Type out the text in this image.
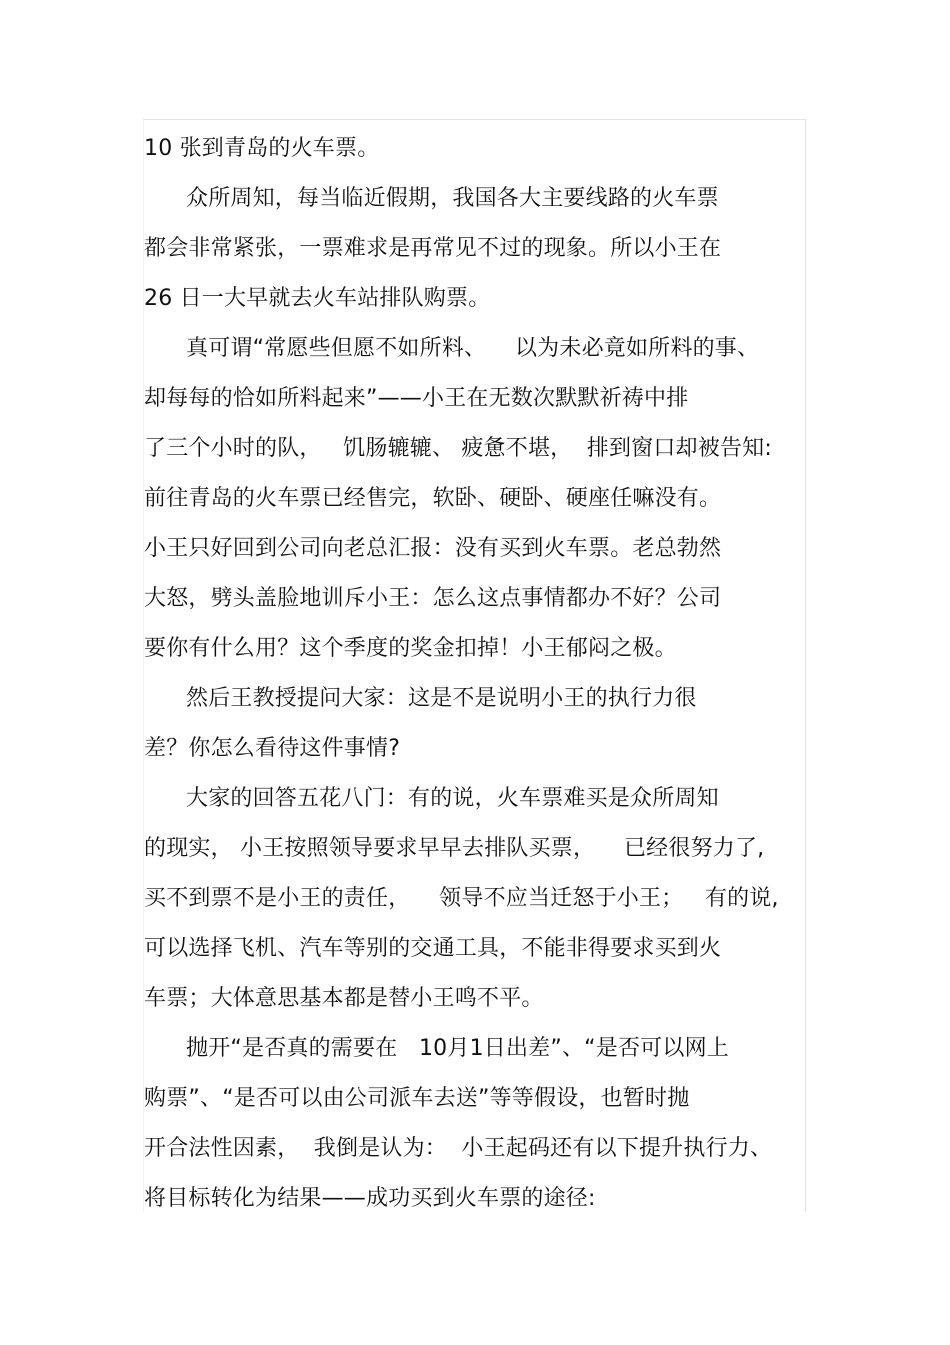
10 张到青岛的火车票。
众所周知，每当临近假期，我国各大主要线路的火车票
都会非常紧张，一票难求是再常见不过的现象。所以小王在
26 日一大早就去火车站排队购票。
真可谓“常愿些但愿不如所料、    以为未必竟如所料的事、
却每每的恰如所料起来”——小王在无数次默默祈祷中排
了三个小时的队，   饥肠辘辘、 疲惫不堪，  排到窗口却被告知:
前往青岛的火车票已经售完，软卧、硬卧、硬座任嘛没有。
小王只好回到公司向老总汇报：没有买到火车票。老总勃然
大怒，劈头盖脸地训斥小王：怎么这点事情都办不好？公司
要你有什么用？这个季度的奖金扣掉！小王郁闷之极。
然后王教授提问大家：这是不是说明小王的执行力很
差？你怎么看待这件事情?
大家的回答五花八门：有的说，火车票难买是众所周知
的现实， 小王按照领导要求早早去排队买票，    已经很努力了,
买不到票不是小王的责任，    领导不应当迁怒于小王；   有的说,
可以选择飞机、汽车等别的交通工具，不能非得要求买到火
车票；大体意思基本都是替小王鸣不平。
抛开“是否真的需要在   10月1日出差”、“是否可以网上
购票”、“是否可以由公司派车去送”等等假设，也暂时抛
开合法性因素，  我倒是认为：  小王起码还有以下提升执行力、
将目标转化为结果——成功买到火车票的途径:
